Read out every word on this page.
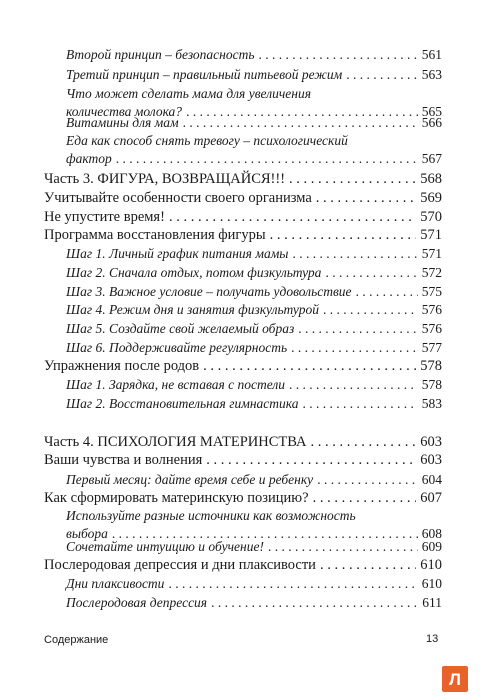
Второй принцип – безопасность . . .	561
Третий принцип – правильный питьевой режим . . .	563
Что может сделать мама для увеличения
количества молока? . . .	565
Витамины для мам . . .	566
Еда как способ снять тревогу – психологический
фактор . . .	567
Часть 3. ФИГУРА, ВОЗВРАЩАЙСЯ!!! . . .	568
Учитывайте особенности своего организма . . .	569
Не упустите время! . . .	570
Программа восстановления фигуры . . .	571
Шаг 1. Личный график питания мамы . . .	571
Шаг 2. Сначала отдых, потом физкультура . . .	572
Шаг 3. Важное условие – получать удовольствие . . .	575
Шаг 4. Режим дня и занятия физкультурой . . .	576
Шаг 5. Создайте свой желаемый образ . . .	576
Шаг 6. Поддерживайте регулярность . . .	577
Упражнения после родов . . .	578
Шаг 1. Зарядка, не вставая с постели . . .	578
Шаг 2. Восстановительная гимнастика . . .	583
Часть 4. ПСИХОЛОГИЯ МАТЕРИНСТВА . . .	603
Ваши чувства и волнения . . .	603
Первый месяц: дайте время себе и ребенку . . .	604
Как сформировать материнскую позицию? . . .	607
Используйте разные источники как возможность
выбора . . .	608
Сочетайте интуицию и обучение! . . .	609
Послеродовая депрессия и дни плаксивости . . .	610
Дни плаксивости . . .	610
Послеродовая депрессия . . .	611
Содержание	13
Л
